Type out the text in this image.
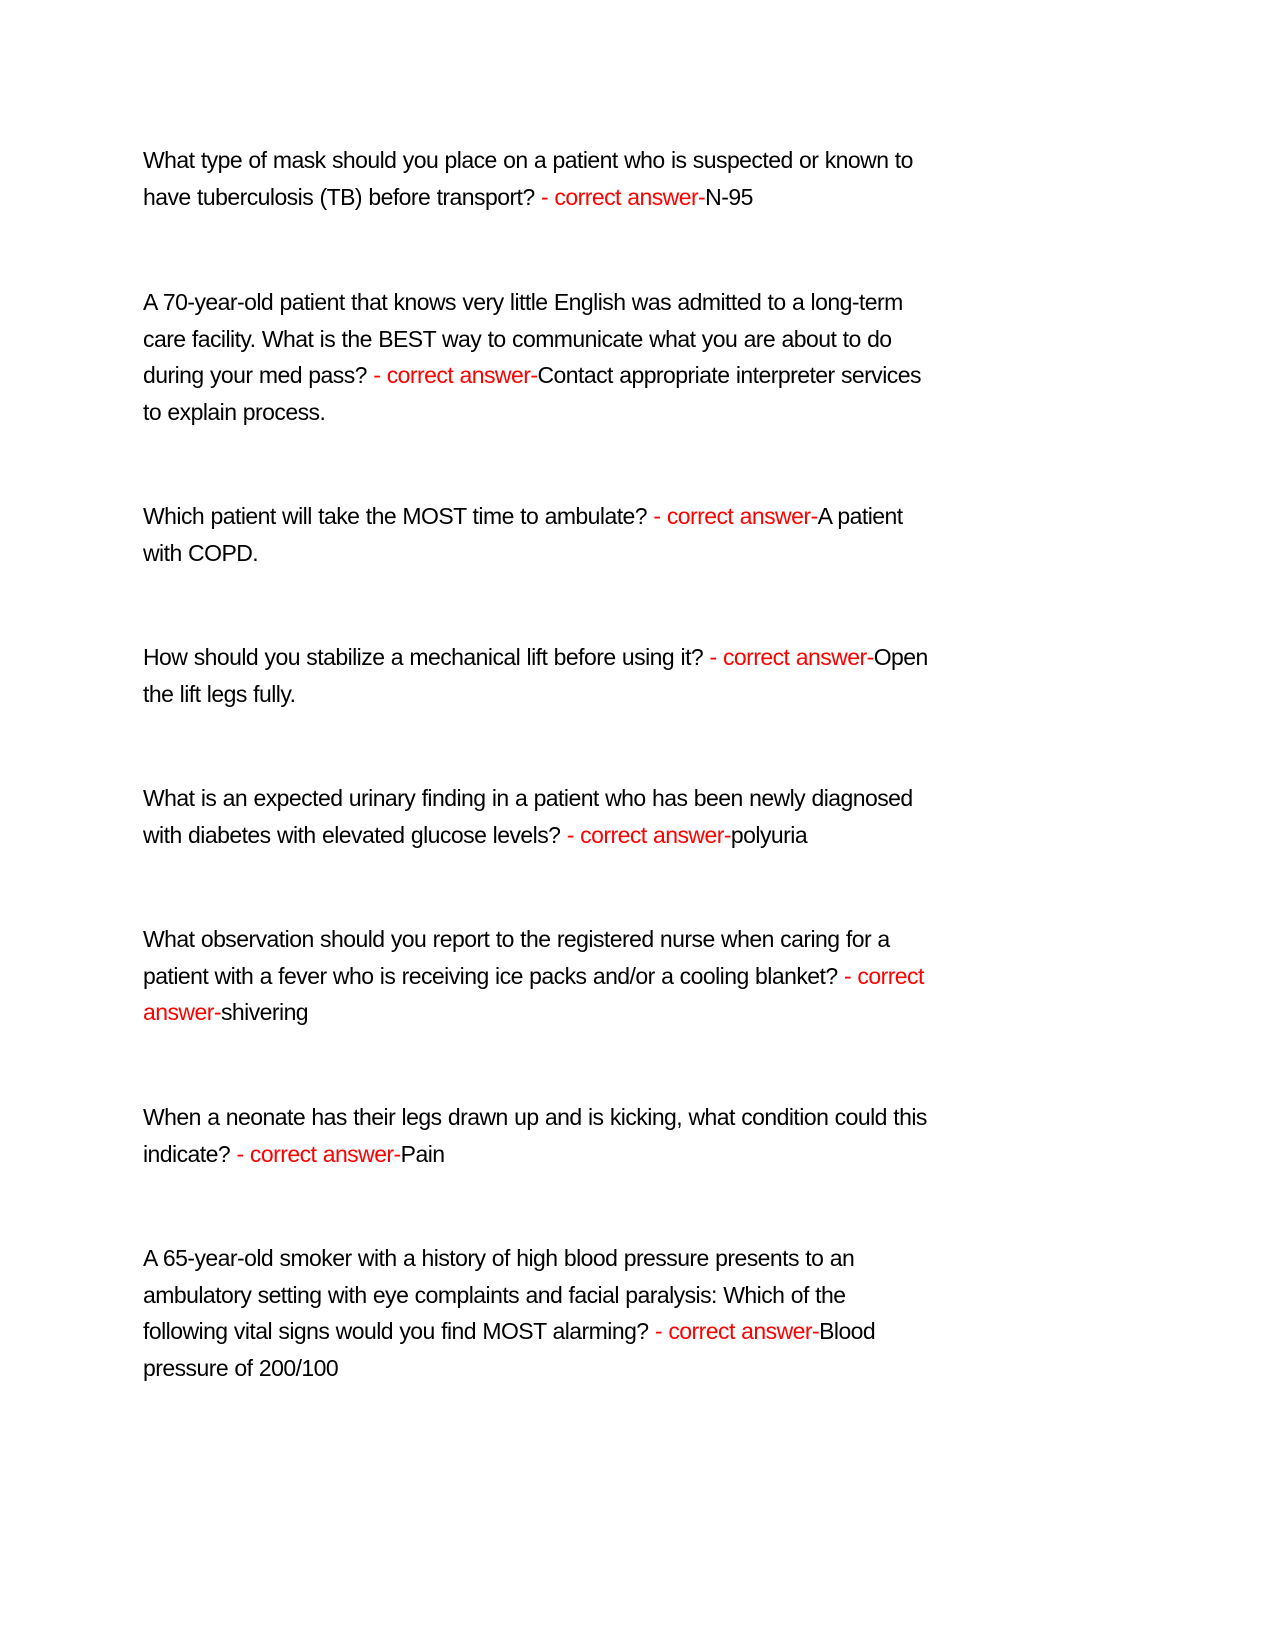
What type of mask should you place on a patient who is suspected or known to
have tuberculosis (TB) before transport? - correct answer-N-95
A 70-year-old patient that knows very little English was admitted to a long-term
care facility. What is the BEST way to communicate what you are about to do
during your med pass? - correct answer-Contact appropriate interpreter services
to explain process.
Which patient will take the MOST time to ambulate? - correct answer-A patient
with COPD.
How should you stabilize a mechanical lift before using it? - correct answer-Open
the lift legs fully.
What is an expected urinary finding in a patient who has been newly diagnosed
with diabetes with elevated glucose levels? - correct answer-polyuria
What observation should you report to the registered nurse when caring for a
patient with a fever who is receiving ice packs and/or a cooling blanket? - correct
answer-shivering
When a neonate has their legs drawn up and is kicking, what condition could this
indicate? - correct answer-Pain
A 65-year-old smoker with a history of high blood pressure presents to an
ambulatory setting with eye complaints and facial paralysis: Which of the
following vital signs would you find MOST alarming? - correct answer-Blood
pressure of 200/100
